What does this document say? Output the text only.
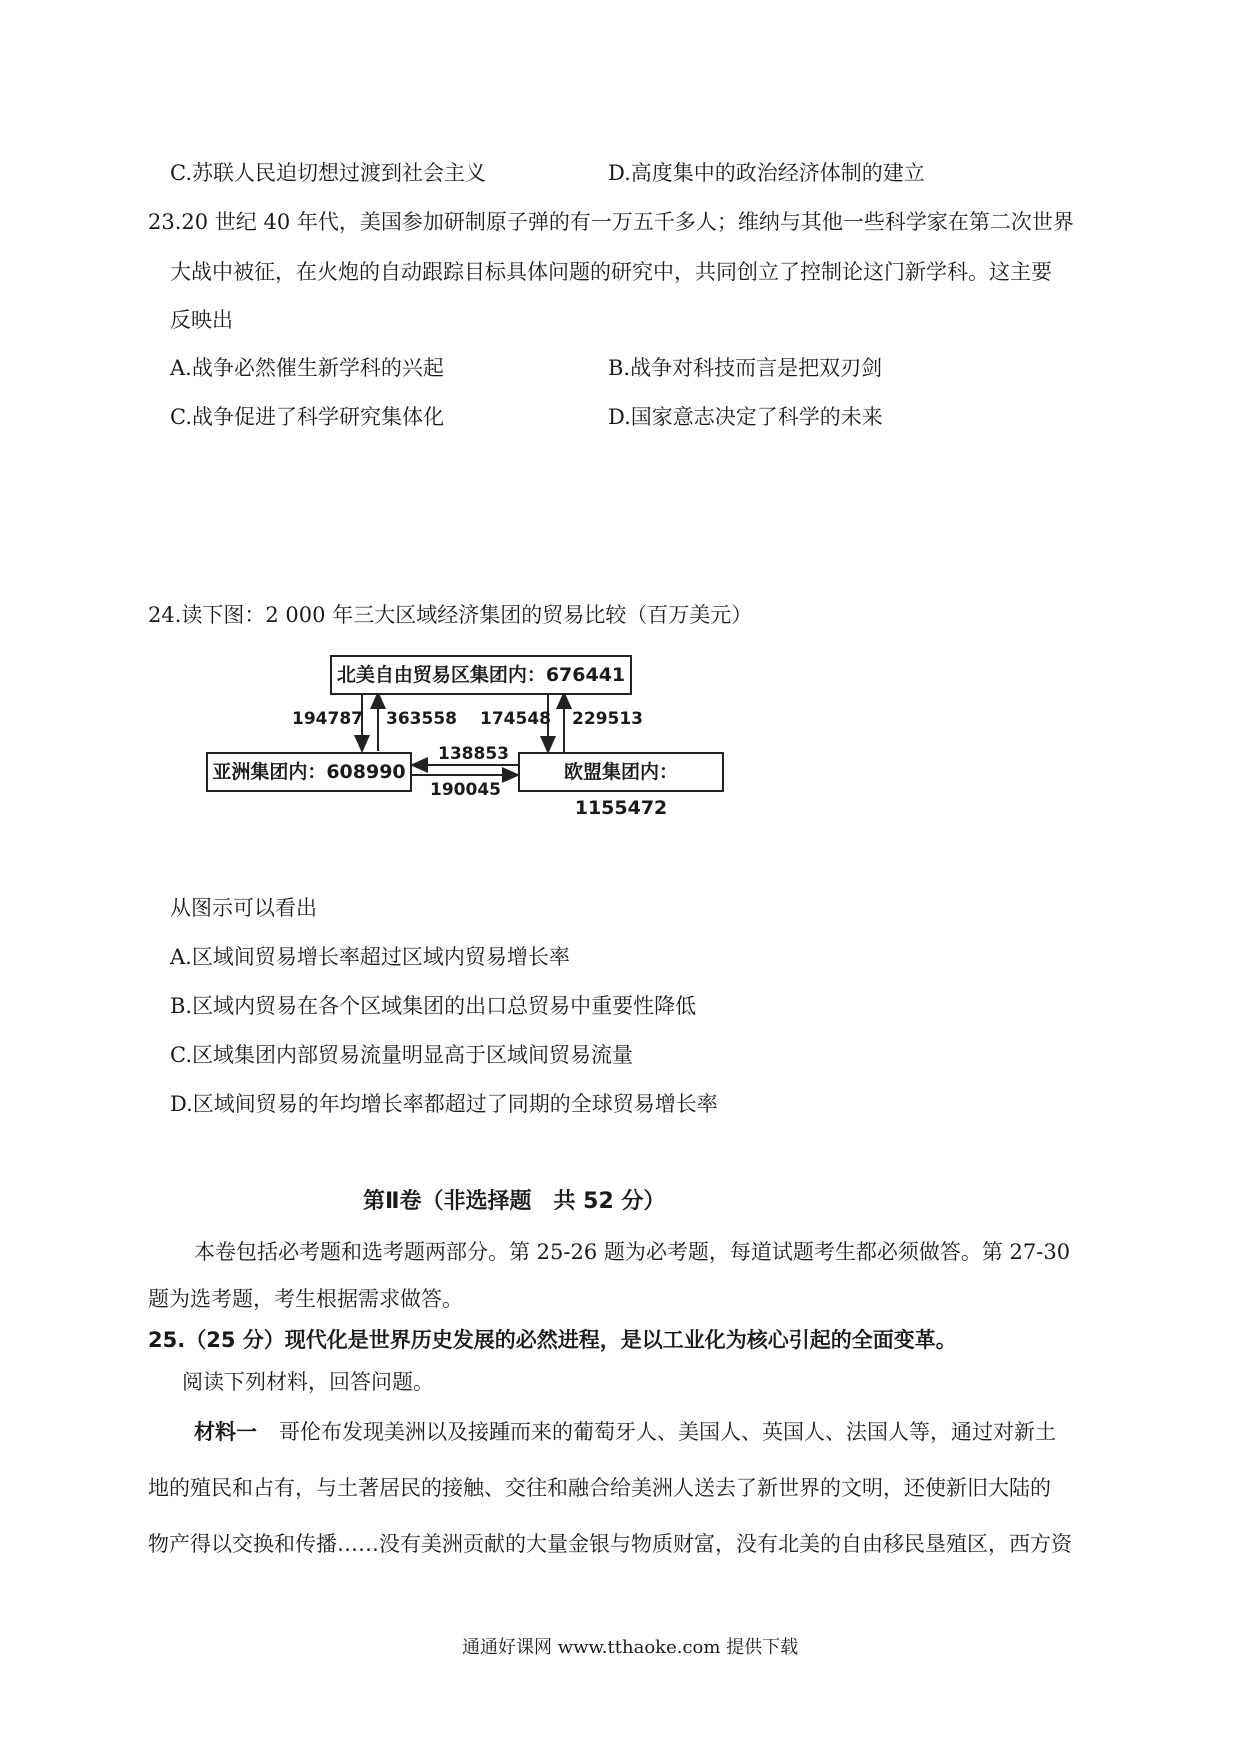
C.苏联人民迫切想过渡到社会主义	D.高度集中的政治经济体制的建立
23.20 世纪 40 年代，美国参加研制原子弹的有一万五千多人；维纳与其他一些科学家在第二次世界
大战中被征，在火炮的自动跟踪目标具体问题的研究中，共同创立了控制论这门新学科。这主要
反映出
A.战争必然催生新学科的兴起	B.战争对科技而言是把双刃剑
C.战争促进了科学研究集体化	D.国家意志决定了科学的未来
24.读下图：2 000 年三大区域经济集团的贸易比较（百万美元）
北美自由贸易区集团内：676441
亚洲集团内：608990	欧盟集团内：1155472
194787 363558 174548 229513
138853
190045
从图示可以看出
A.区域间贸易增长率超过区域内贸易增长率
B.区域内贸易在各个区域集团的出口总贸易中重要性降低
C.区域集团内部贸易流量明显高于区域间贸易流量
D.区域间贸易的年均增长率都超过了同期的全球贸易增长率
第Ⅱ卷（非选择题　共 52 分）
本卷包括必考题和选考题两部分。第 25-26 题为必考题，每道试题考生都必须做答。第 27-30
题为选考题，考生根据需求做答。
25.（25 分）现代化是世界历史发展的必然进程，是以工业化为核心引起的全面变革。
阅读下列材料，回答问题。
材料一 哥伦布发现美洲以及接踵而来的葡萄牙人、美国人、英国人、法国人等，通过对新土
地的殖民和占有，与土著居民的接触、交往和融合给美洲人送去了新世界的文明，还使新旧大陆的
物产得以交换和传播……没有美洲贡献的大量金银与物质财富，没有北美的自由移民垦殖区，西方资
通通好课网 www.tthaoke.com 提供下载
